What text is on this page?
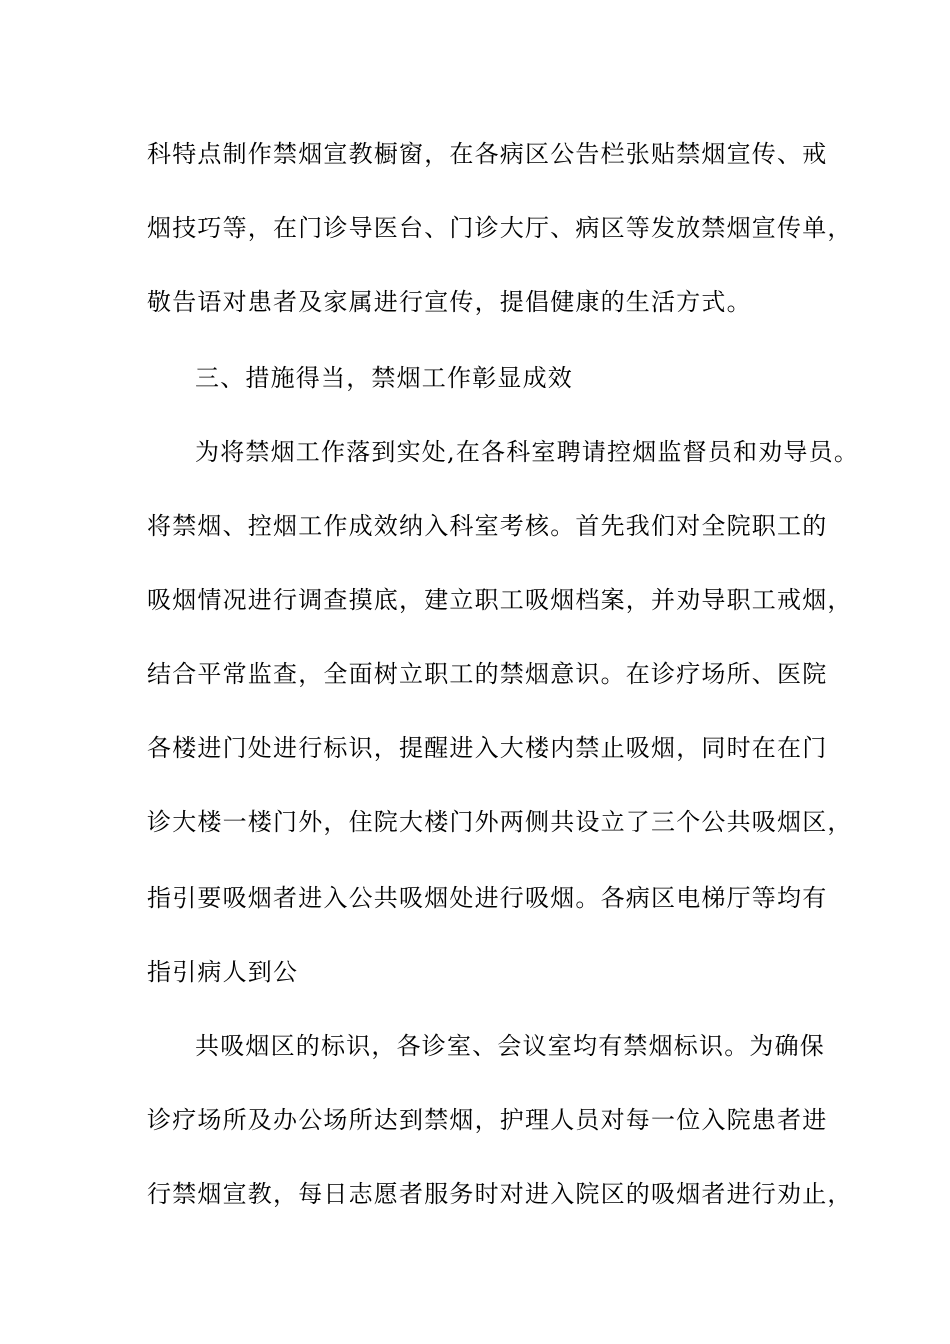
科特点制作禁烟宣教橱窗，在各病区公告栏张贴禁烟宣传、戒
烟技巧等，在门诊导医台、门诊大厅、病区等发放禁烟宣传单，
敬告语对患者及家属进行宣传，提倡健康的生活方式。
三、措施得当，禁烟工作彰显成效
为将禁烟工作落到实处,在各科室聘请控烟监督员和劝导员。
将禁烟、控烟工作成效纳入科室考核。首先我们对全院职工的
吸烟情况进行调查摸底，建立职工吸烟档案，并劝导职工戒烟，
结合平常监查，全面树立职工的禁烟意识。在诊疗场所、医院
各楼进门处进行标识，提醒进入大楼内禁止吸烟，同时在在门
诊大楼一楼门外，住院大楼门外两侧共设立了三个公共吸烟区，
指引要吸烟者进入公共吸烟处进行吸烟。各病区电梯厅等均有
指引病人到公
共吸烟区的标识，各诊室、会议室均有禁烟标识。为确保
诊疗场所及办公场所达到禁烟，护理人员对每一位入院患者进
行禁烟宣教，每日志愿者服务时对进入院区的吸烟者进行劝止，
